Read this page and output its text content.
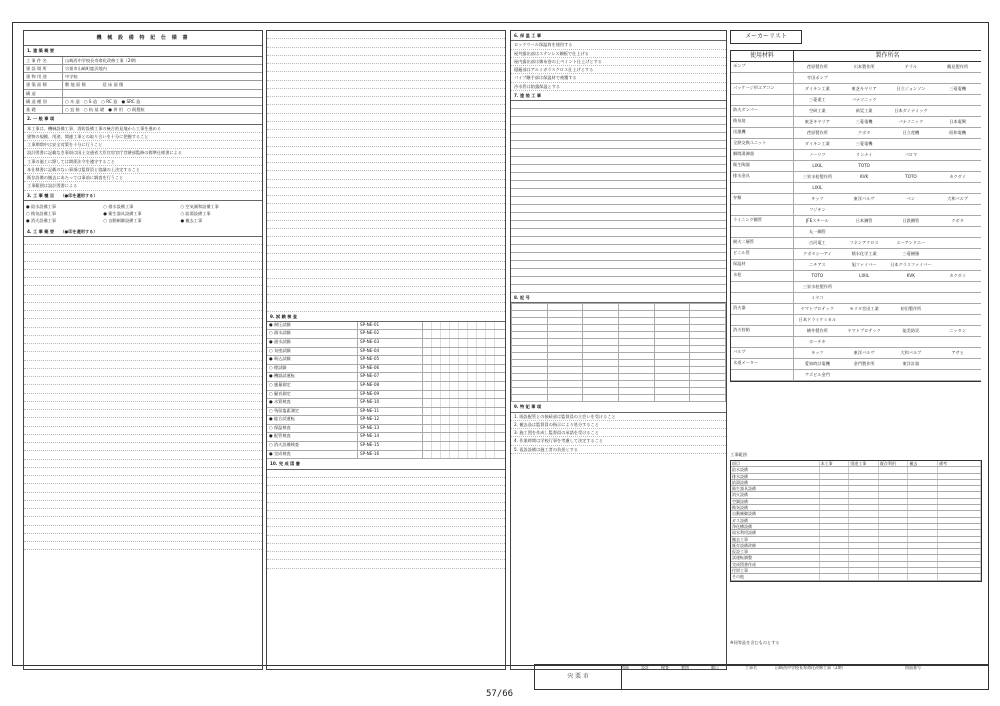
機 械 設 備 特 記 仕 様 書
1. 建 築 概 要
工 事 件 名	山崎西中学校長寿命化改修工事（2期）
建 設 場 所	宍粟市山崎町鹿沢地内
建 物 用 途	中学校
建 築 面 積	敷 地 面 積　　　　延 床 面 積
構 造
構 造 種 別	○ 木 造　○ S 造　○ RC 造　● SRC 造
基 礎	○ 直 接　○ 杭 基 礎　● 併 用　○ 既製杭
2. 一 般 事 項
本工事は、機械設備工事、消防設備工事の統合的見地から工事を進める
建物の規模、用途、関連工事との取り合いを十分に把握すること
工事期間中は安全対策を十分に行うこと
設計図書に記載なき事項は国土交通省大臣官房官庁営繕部監修の標準仕様書による
工事の施工に際しては関係法令を遵守すること
本仕様書に記載のない事項は監督員と協議の上決定すること
既存設備の撤去にあたっては事前に調査を行うこと
工事範囲は設計図書による
3. 工 事 種 目　　（●印を適用する）
● 給水設備工事	○ 排水設備工事	○ 空気調和設備工事
○ 換気設備工事	● 衛生器具設備工事	○ 給湯設備工事
● 消火設備工事	○ 自動制御設備工事	● 撤去工事
4. 工 事 概 要　　（●印を適用する）

9. 試 験 検 査
● 耐圧試験	SP-NE-01
○ 満水試験	SP-NE-02
● 通水試験	SP-NE-03
○ 気密試験	SP-NE-04
● 吸込試験	SP-NE-05
○ 煙試験	SP-NE-06
● 機器試運転	SP-NE-07
○ 風量測定	SP-NE-08
○ 騒音測定	SP-NE-09
● 水質検査	SP-NE-10
○ 残留塩素測定	SP-NE-11
● 総合試運転	SP-NE-12
○ 保温検査	SP-NE-13
● 配管検査	SP-NE-14
○ 消火設備検査	SP-NE-15
● 完成検査	SP-NE-16
10. 完 成 図 書

6. 保 温 工 事
ロックウール保温筒を使用する
屋外露出部はステンレス鋼板で仕上げる
屋内露出部は綿布巻の上ペイント仕上げとする
隠蔽部はアルミガラスクロス仕上げとする
パイプ継手部は保温材で被覆する
冷水管は防露保温とする
7. 塗 装 工 事
8. 記 号

9. 特 記 事 項
1. 既設配管との接続部は監督員の立会いを受けること
2. 撤去品は監督員の指示により処分すること
3. 施工図を作成し監督員の承諾を受けること
4. 作業時間は学校行事を考慮して決定すること
5. 仮設設備は施工者の負担とする
メーカーリスト
使用材料	製作所名
ポンプ	荏原製作所	川本製作所	テラル	鶴見製作所
寺田ポンプ
パッケージ形エアコン	ダイキン工業	東芝キヤリア	日立ジョンソン	三菱電機
三菱重工	パナソニック
防火ダンパー	空研工業	新晃工業	日本ダイナミック
換気扇	東芝キヤリア	三菱電機	パナソニック	日本電興
送風機	荏原製作所	クボタ	日立産機	昭和電機
全熱交換ユニット	ダイキン工業	三菱電機
瞬間湯沸器	ノーリツ	リンナイ	パロマ
衛生陶器	LIXIL	TOTO
排水金具	三栄水栓製作所	KVK	TOTO	カクダイ
LIXIL
弁類	キッツ	東洋バルヴ	ベン	大和バルブ
フジキン
ライニング鋼管	JFEスチール	日本鋼管	日鉄鋼管	クボタ
丸一鋼管
耐火二層管	古河電工	フネンアクロス	エーアンドエー
ビニル管	クボタシーアイ	積水化学工業	三菱樹脂
保温材	ニチアス	旭ファイバー	日本グラスファイバー
水栓	TOTO	LIXIL	KVK	カクダイ
三栄水栓製作所
ミヤコ
消火器	ヤマトプロテック	モリタ宮田工業	初田製作所
日本ドライケミカル
消火栓箱	横井製作所	ヤマトプロテック	能美防災	ニッタン
ホーチキ
バルブ	キッツ	東洋バルヴ	大和バルブ	アサヒ
水道メーター	愛知時計電機	金門製作所	東洋計器
アズビル金門
※同等品を含むものとする
工事範囲
項目	本工事	別途工事	既存利用	撤去	備考
給水設備
排水設備
給湯設備
衛生器具設備
消火設備
空調設備
換気設備
自動制御設備
ガス設備
浄化槽設備
雨水利用設備
撤去工事
既存設備改修
仮設工事
試運転調整
完成図書作成
付帯工事
その他
宍 栗 市
図面	設計	検査	製図	縮尺	工事名	山崎西中学校長寿命化改修工事（2期）	図面番号
57/66
